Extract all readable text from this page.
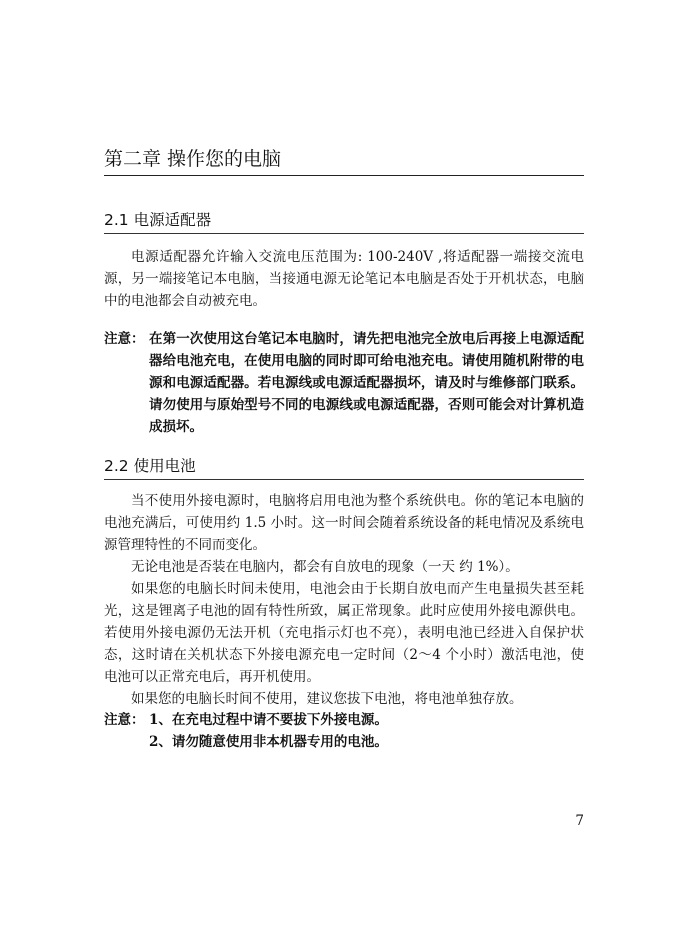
第二章 操作您的电脑
2.1 电源适配器

电源适配器允许输入交流电压范围为: 100-240V ,将适配器一端接交流电源，另一端接笔记本电脑，当接通电源无论笔记本电脑是否处于开机状态，电脑中的电池都会自动被充电。

注意： 在第一次使用这台笔记本电脑时，请先把电池完全放电后再接上电源适配器给电池充电，在使用电脑的同时即可给电池充电。请使用随机附带的电源和电源适配器。若电源线或电源适配器损坏，请及时与维修部门联系。请勿使用与原始型号不同的电源线或电源适配器，否则可能会对计算机造成损坏。
2.2 使用电池

当不使用外接电源时，电脑将启用电池为整个系统供电。你的笔记本电脑的电池充满后，可使用约 1.5 小时。这一时间会随着系统设备的耗电情况及系统电源管理特性的不同而变化。

无论电池是否装在电脑内，都会有自放电的现象（一天 约 1%）。

如果您的电脑长时间未使用，电池会由于长期自放电而产生电量损失甚至耗光，这是锂离子电池的固有特性所致，属正常现象。此时应使用外接电源供电。若使用外接电源仍无法开机（充电指示灯也不亮），表明电池已经进入自保护状态，这时请在关机状态下外接电源充电一定时间（2～4 个小时）激活电池，使电池可以正常充电后，再开机使用。

如果您的电脑长时间不使用，建议您拔下电池，将电池单独存放。

注意： 1、在充电过程中请不要拔下外接电源。
2、请勿随意使用非本机器专用的电池。
7
